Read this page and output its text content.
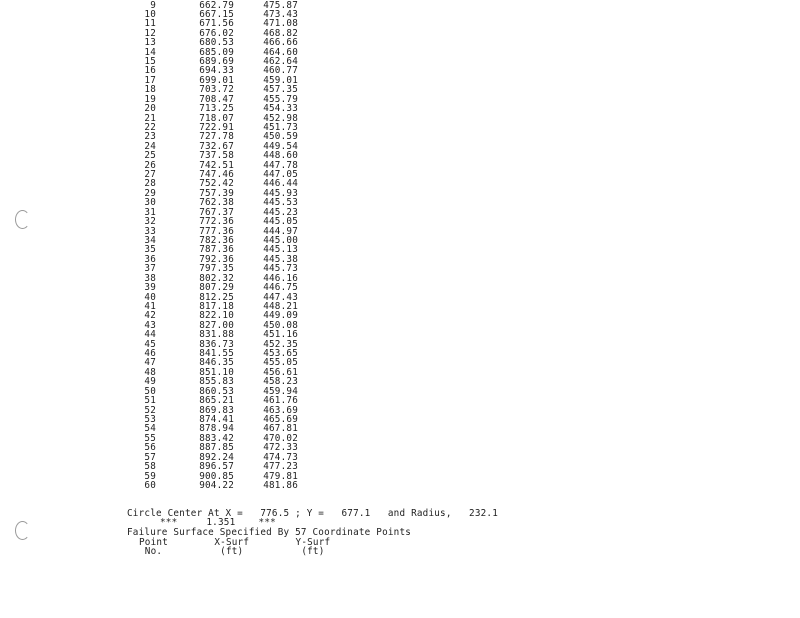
9	662.79	475.87
10	667.15	473.43
11	671.56	471.08
12	676.02	468.82
13	680.53	466.66
14	685.09	464.60
15	689.69	462.64
16	694.33	460.77
17	699.01	459.01
18	703.72	457.35
19	708.47	455.79
20	713.25	454.33
21	718.07	452.98
22	722.91	451.73
23	727.78	450.59
24	732.67	449.54
25	737.58	448.60
26	742.51	447.78
27	747.46	447.05
28	752.42	446.44
29	757.39	445.93
30	762.38	445.53
31	767.37	445.23
32	772.36	445.05
33	777.36	444.97
34	782.36	445.00
35	787.36	445.13
36	792.36	445.38
37	797.35	445.73
38	802.32	446.16
39	807.29	446.75
40	812.25	447.43
41	817.18	448.21
42	822.10	449.09
43	827.00	450.08
44	831.88	451.16
45	836.73	452.35
46	841.55	453.65
47	846.35	455.05
48	851.10	456.61
49	855.83	458.23
50	860.53	459.94
51	865.21	461.76
52	869.83	463.69
53	874.41	465.69
54	878.94	467.81
55	883.42	470.02
56	887.85	472.33
57	892.24	474.73
58	896.57	477.23
59	900.85	479.81
60	904.22	481.86
Circle Center At X =   776.5 ; Y =   677.1   and Radius,   232.1
***     1.351    ***
Failure Surface Specified By 57 Coordinate Points
Point        X-Surf        Y-Surf
No.          (ft)          (ft)
